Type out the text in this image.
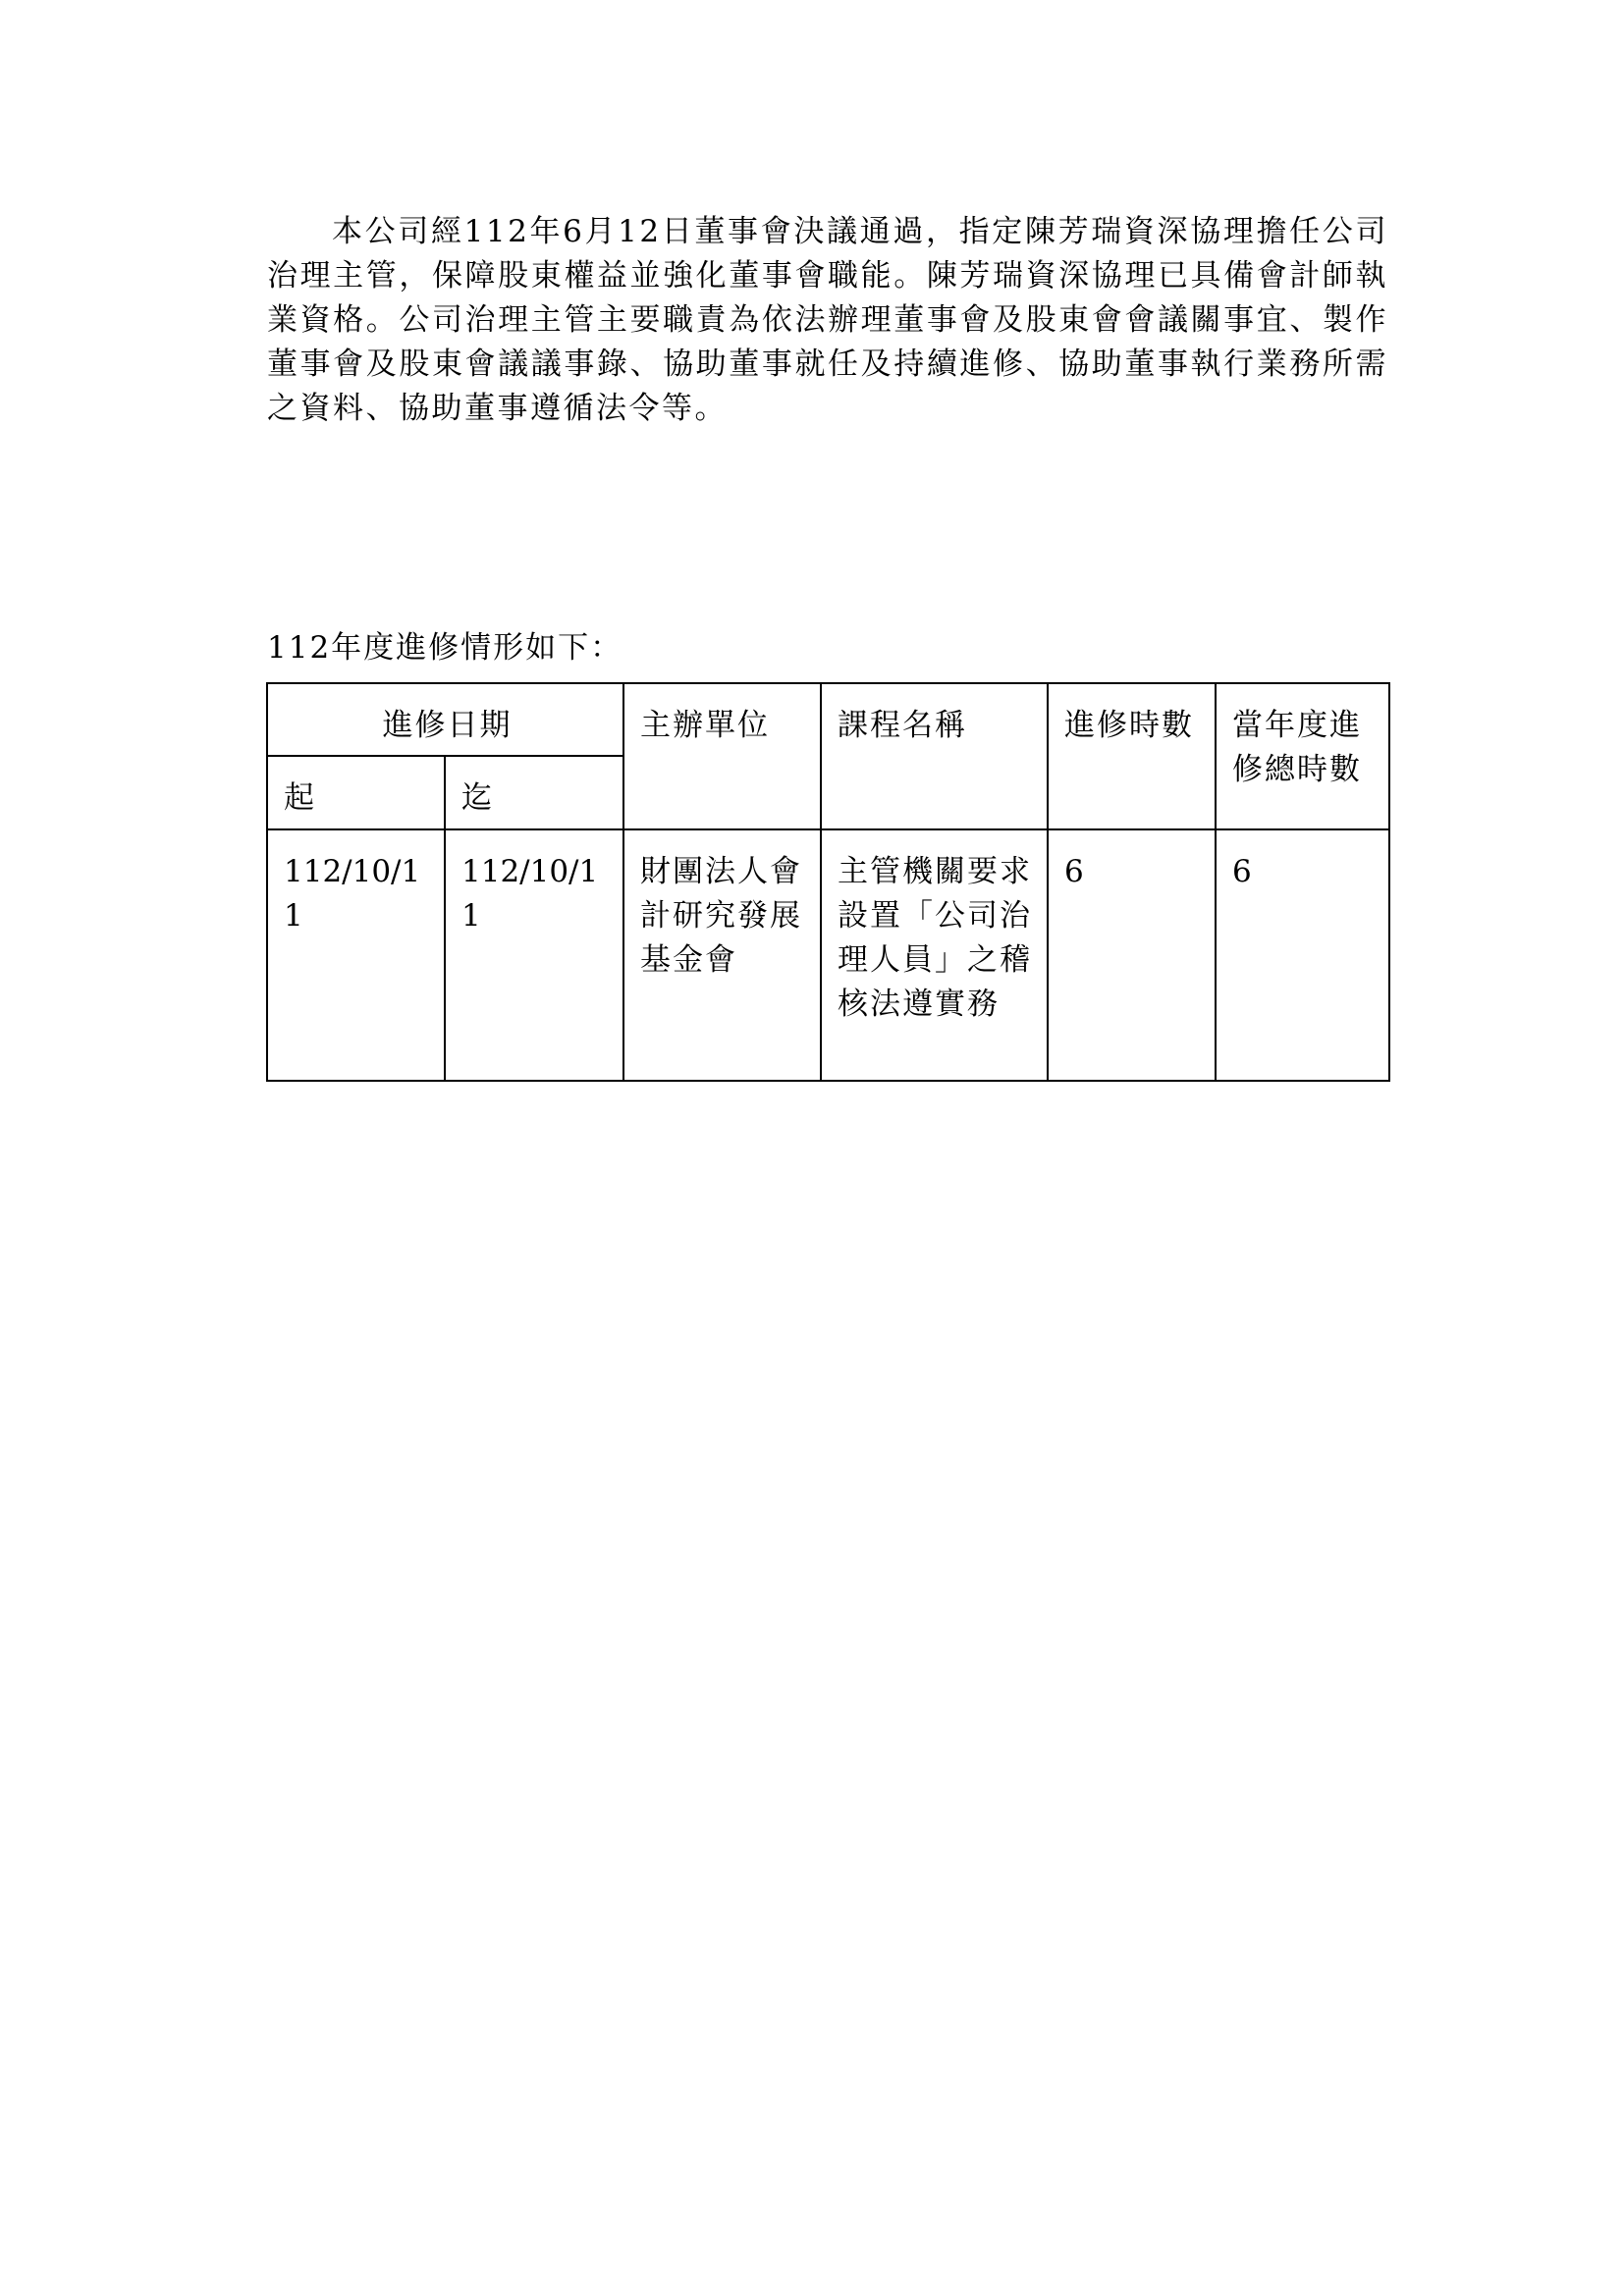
本公司經112年6月12日董事會決議通過，指定陳芳瑞資深協理擔任公司治理主管，保障股東權益並強化董事會職能。陳芳瑞資深協理已具備會計師執業資格。公司治理主管主要職責為依法辦理董事會及股東會會議關事宜、製作董事會及股東會議議事錄、協助董事就任及持續進修、協助董事執行業務所需之資料、協助董事遵循法令等。

112年度進修情形如下：

進修日期		主辦單位	課程名稱	進修時數	當年度進修總時數
起	迄				
112/10/11	112/10/11	財團法人會計研究發展基金會	主管機關要求設置「公司治理人員」之稽核法遵實務	6	6
